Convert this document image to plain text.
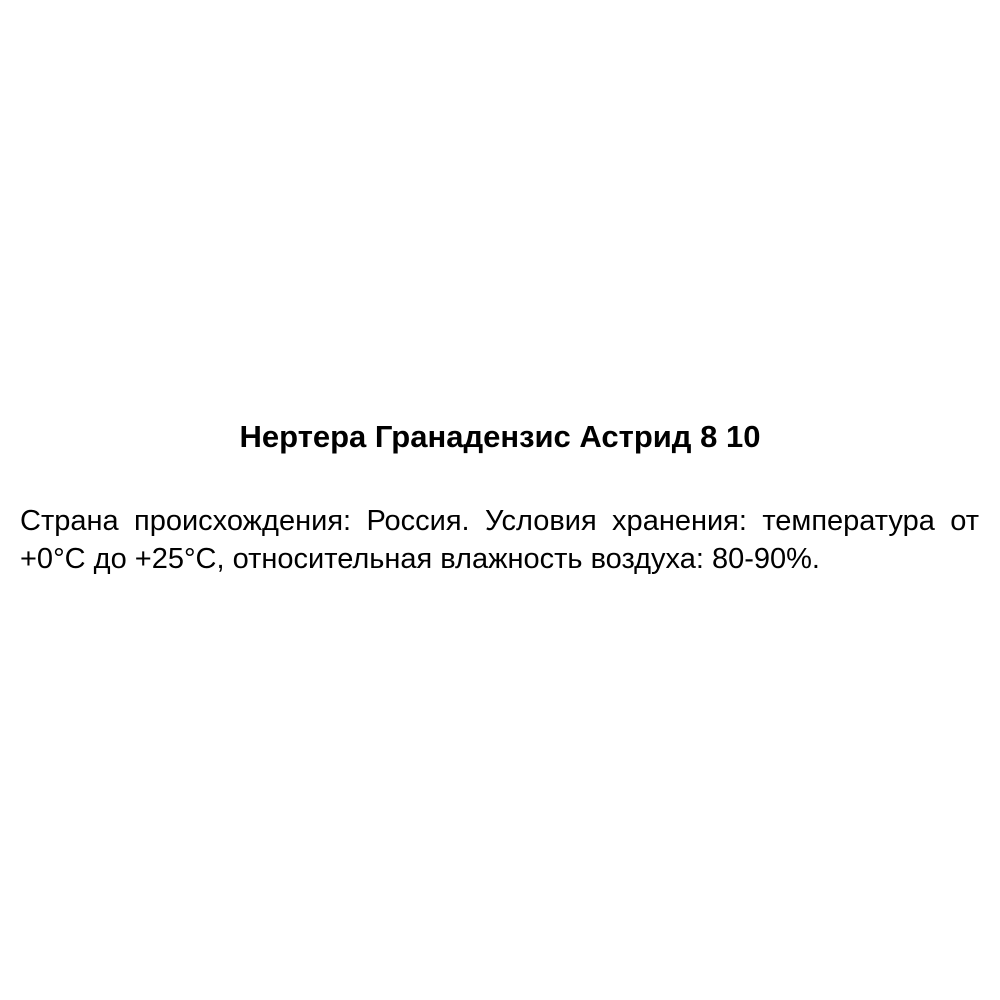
Нертера Гранадензис Астрид 8 10

Страна происхождения: Россия. Условия хранения: температура от
+0°С до +25°С, относительная влажность воздуха: 80-90%.
